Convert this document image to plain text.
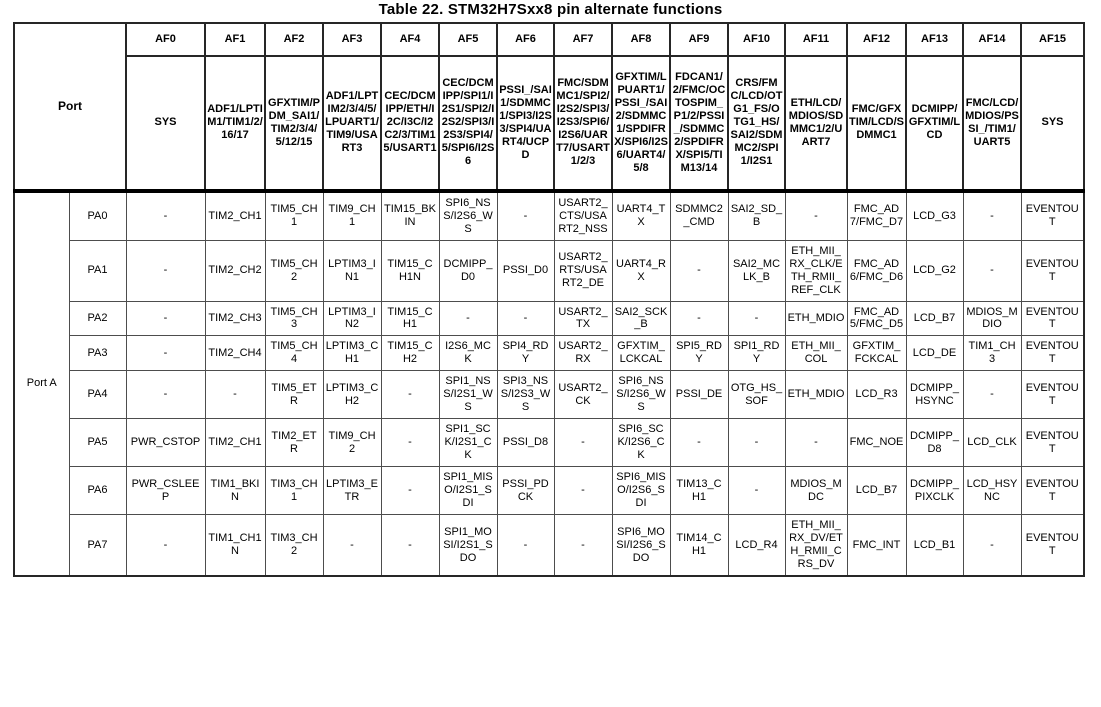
Table 22. STM32H7Sxx8 pin alternate functions
Port		AF0	AF1	AF2	AF3	AF4	AF5	AF6	AF7	AF8	AF9	AF10	AF11	AF12	AF13	AF14	AF15
		SYS	ADF1/LPTIM1/TIM1/2/16/17	GFXTIM/PDM_SAI1/TIM2/3/4/5/12/15	ADF1/LPTIM2/3/4/5/LPUART1/TIM9/USART3	CEC/DCMIPP/ETH/I2C/I3C/I2C2/3/TIM15/USART1	CEC/DCMIPP/SPI1/I2S1/SPI2/I2S2/SPI3/I2S3/SPI4/5/SPI6/I2S6	PSSI_/SAI1/SDMMC1/SPI3/I2S3/SPI4/UART4/UCPD	FMC/SDMMC1/SPI2/I2S2/SPI3/I2S3/SPI6/I2S6/UART7/USART1/2/3	GFXTIM/LPUART1/PSSI_/SAI2/SDMMC1/SPDIFRX/SPI6/I2S6/UART4/5/8	FDCAN1/2/FMC/OCTOSPIM_P1/2/PSSI_/SDMMC2/SPDIFRX/SPI5/TIM13/14	CRS/FMC/LCD/OTG1_FS/OTG1_HS/SAI2/SDMMC2/SPI1/I2S1	ETH/LCD/MDIOS/SDMMC1/2/UART7	FMC/GFXTIM/LCD/SDMMC1	DCMIPP/GFXTIM/LCD	FMC/LCD/MDIOS/PSSI_/TIM1/UART5	SYS
Port A	PA0	-	TIM2_CH1	TIM5_CH1	TIM9_CH1	TIM15_BKIN	SPI6_NSS/I2S6_WS	-	USART2_CTS/USART2_NSS	UART4_TX	SDMMC2_CMD	SAI2_SD_B	-	FMC_AD7/FMC_D7	LCD_G3	-	EVENTOUT
	PA1	-	TIM2_CH2	TIM5_CH2	LPTIM3_IN1	TIM15_CH1N	DCMIPP_D0	PSSI_D0	USART2_RTS/USART2_DE	UART4_RX	-	SAI2_MCLK_B	ETH_MII_RX_CLK/ETH_RMII_REF_CLK	FMC_AD6/FMC_D6	LCD_G2	-	EVENTOUT
	PA2	-	TIM2_CH3	TIM5_CH3	LPTIM3_IN2	TIM15_CH1	-	-	USART2_TX	SAI2_SCK_B	-	-	ETH_MDIO	FMC_AD5/FMC_D5	LCD_B7	MDIOS_MDIO	EVENTOUT
	PA3	-	TIM2_CH4	TIM5_CH4	LPTIM3_CH1	TIM15_CH2	I2S6_MCK	SPI4_RDY	USART2_RX	GFXTIM_LCKCAL	SPI5_RDY	SPI1_RDY	ETH_MII_COL	GFXTIM_FCKCAL	LCD_DE	TIM1_CH3	EVENTOUT
	PA4	-	-	TIM5_ETR	LPTIM3_CH2	-	SPI1_NSS/I2S1_WS	SPI3_NSS/I2S3_WS	USART2_CK	SPI6_NSS/I2S6_WS	PSSI_DE	OTG_HS_SOF	ETH_MDIO	LCD_R3	DCMIPP_HSYNC	-	EVENTOUT
	PA5	PWR_CSTOP	TIM2_CH1	TIM2_ETR	TIM9_CH2	-	SPI1_SCK/I2S1_CK	PSSI_D8	-	SPI6_SCK/I2S6_CK	-	-	-	FMC_NOE	DCMIPP_D8	LCD_CLK	EVENTOUT
	PA6	PWR_CSLEEP	TIM1_BKIN	TIM3_CH1	LPTIM3_ETR	-	SPI1_MISO/I2S1_SDI	PSSI_PDCK	-	SPI6_MISO/I2S6_SDI	TIM13_CH1	-	MDIOS_MDC	LCD_B7	DCMIPP_PIXCLK	LCD_HSYNC	EVENTOUT
	PA7	-	TIM1_CH1N	TIM3_CH2	-	-	SPI1_MOSI/I2S1_SDO	-	-	SPI6_MOSI/I2S6_SDO	TIM14_CH1	LCD_R4	ETH_MII_RX_DV/ETH_RMII_CRS_DV	FMC_INT	LCD_B1	-	EVENTOUT
